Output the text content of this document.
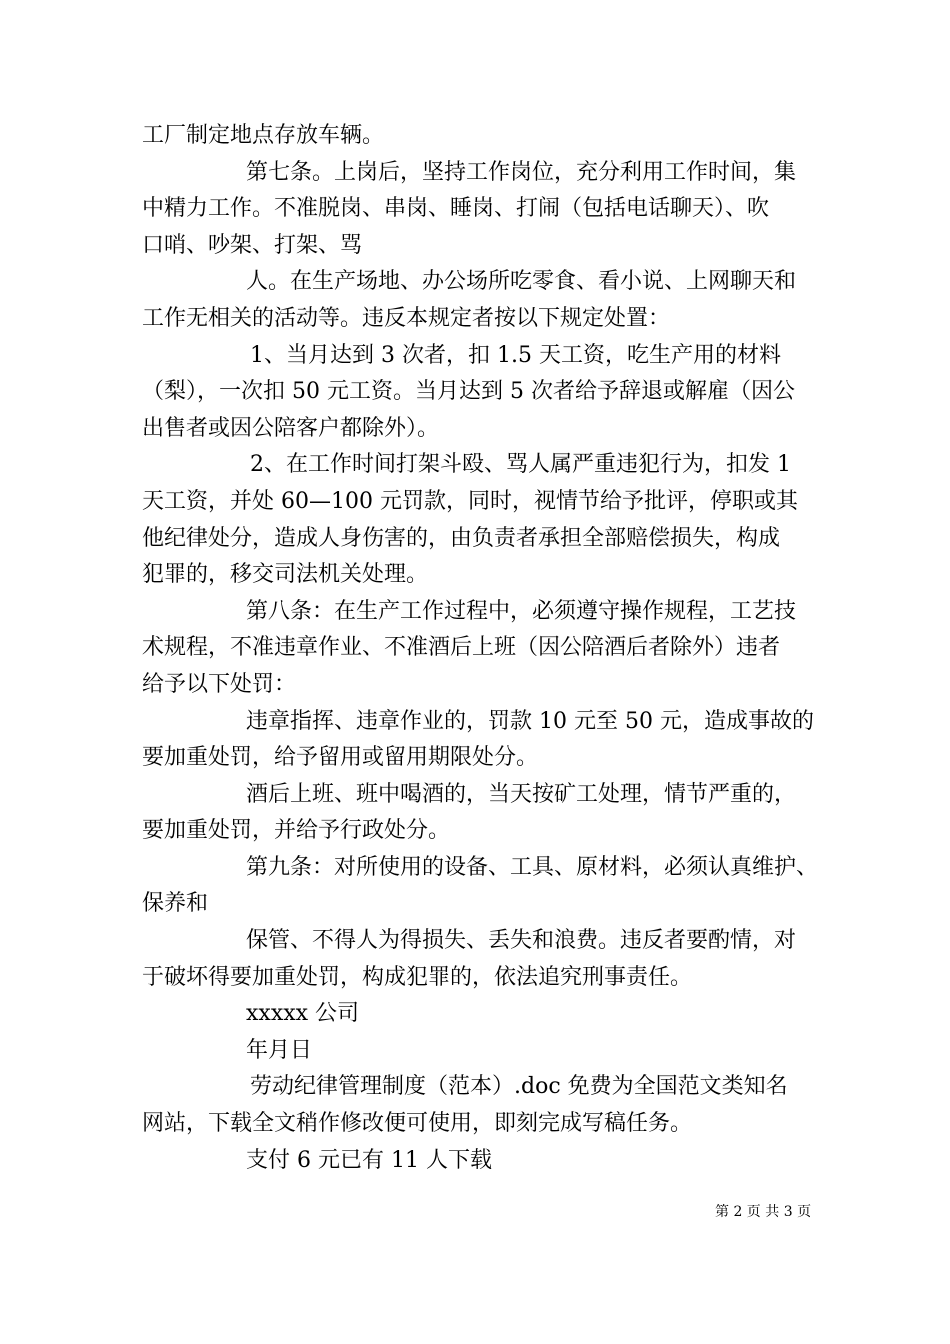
工厂制定地点存放车辆。
第七条。上岗后，坚持工作岗位，充分利用工作时间，集
中精力工作。不准脱岗、串岗、睡岗、打闹（包括电话聊天）、吹
口哨、吵架、打架、骂
人。在生产场地、办公场所吃零食、看小说、上网聊天和
工作无相关的活动等。违反本规定者按以下规定处置：
1、当月达到 3 次者，扣 1.5 天工资，吃生产用的材料
（梨），一次扣 50 元工资。当月达到 5 次者给予辞退或解雇（因公
出售者或因公陪客户都除外）。
2、在工作时间打架斗殴、骂人属严重违犯行为，扣发 1
天工资，并处 60—100 元罚款，同时，视情节给予批评，停职或其
他纪律处分，造成人身伤害的，由负责者承担全部赔偿损失，构成
犯罪的，移交司法机关处理。
第八条：在生产工作过程中，必须遵守操作规程，工艺技
术规程，不准违章作业、不准酒后上班（因公陪酒后者除外）违者
给予以下处罚：
违章指挥、违章作业的，罚款 10 元至 50 元，造成事故的
要加重处罚，给予留用或留用期限处分。
酒后上班、班中喝酒的，当天按矿工处理，情节严重的，
要加重处罚，并给予行政处分。
第九条：对所使用的设备、工具、原材料，必须认真维护、
保养和
保管、不得人为得损失、丢失和浪费。违反者要酌情，对
于破坏得要加重处罚，构成犯罪的，依法追究刑事责任。
xxxxx 公司
年月日
劳动纪律管理制度（范本）.doc 免费为全国范文类知名
网站，下载全文稍作修改便可使用，即刻完成写稿任务。
支付 6 元已有 11 人下载
第 2 页 共 3 页
